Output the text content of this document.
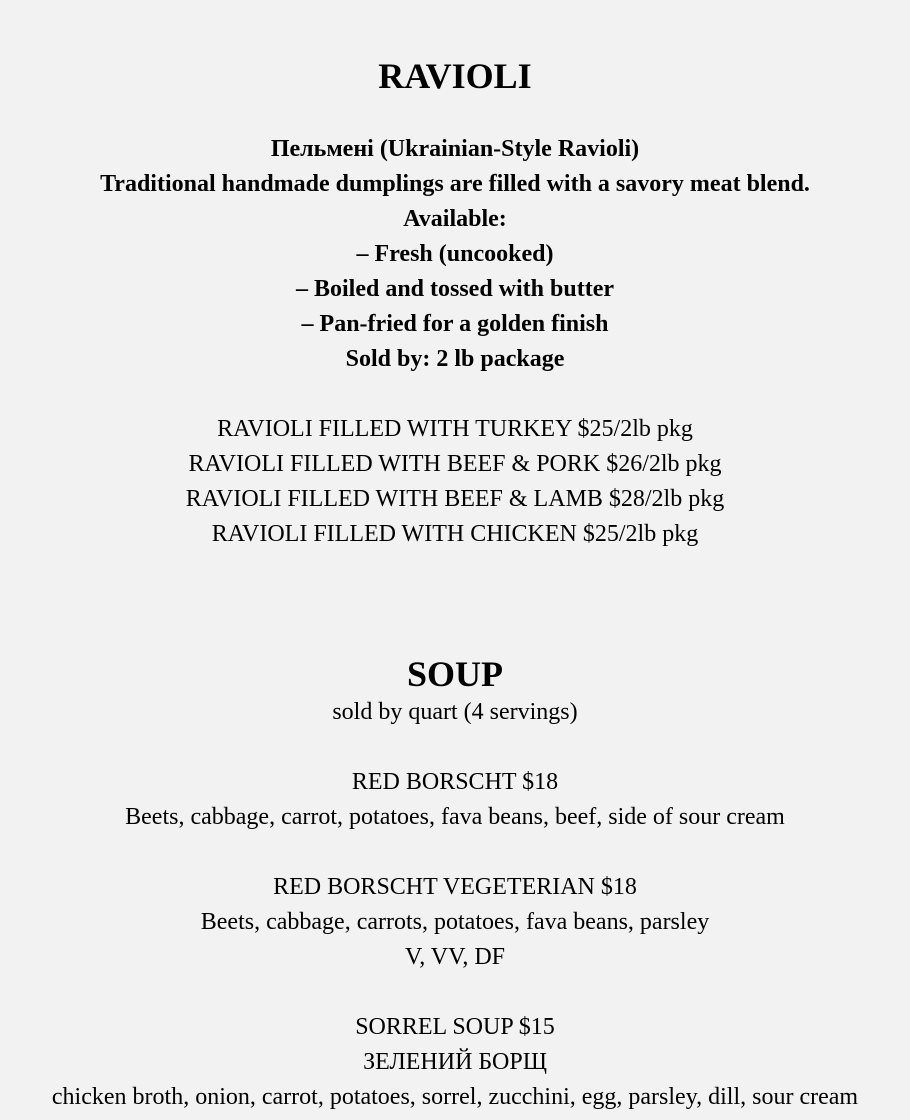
RAVIOLI
Пельмені (Ukrainian-Style Ravioli)
Traditional handmade dumplings are filled with a savory meat blend.
Available:
– Fresh (uncooked)
– Boiled and tossed with butter
– Pan-fried for a golden finish
Sold by: 2 lb package
RAVIOLI FILLED WITH TURKEY $25/2lb pkg
RAVIOLI FILLED WITH BEEF & PORK $26/2lb pkg
RAVIOLI FILLED WITH BEEF & LAMB $28/2lb pkg
RAVIOLI FILLED WITH CHICKEN $25/2lb pkg
SOUP
sold by quart (4 servings)
RED BORSCHT $18
Beets, cabbage, carrot, potatoes, fava beans, beef, side of sour cream
RED BORSCHT VEGETERIAN $18
Beets, cabbage, carrots, potatoes, fava beans, parsley
V, VV, DF
SORREL SOUP $15
ЗЕЛЕНИЙ БОРЩ
chicken broth, onion, carrot, potatoes, sorrel, zucchini, egg, parsley, dill, sour cream
